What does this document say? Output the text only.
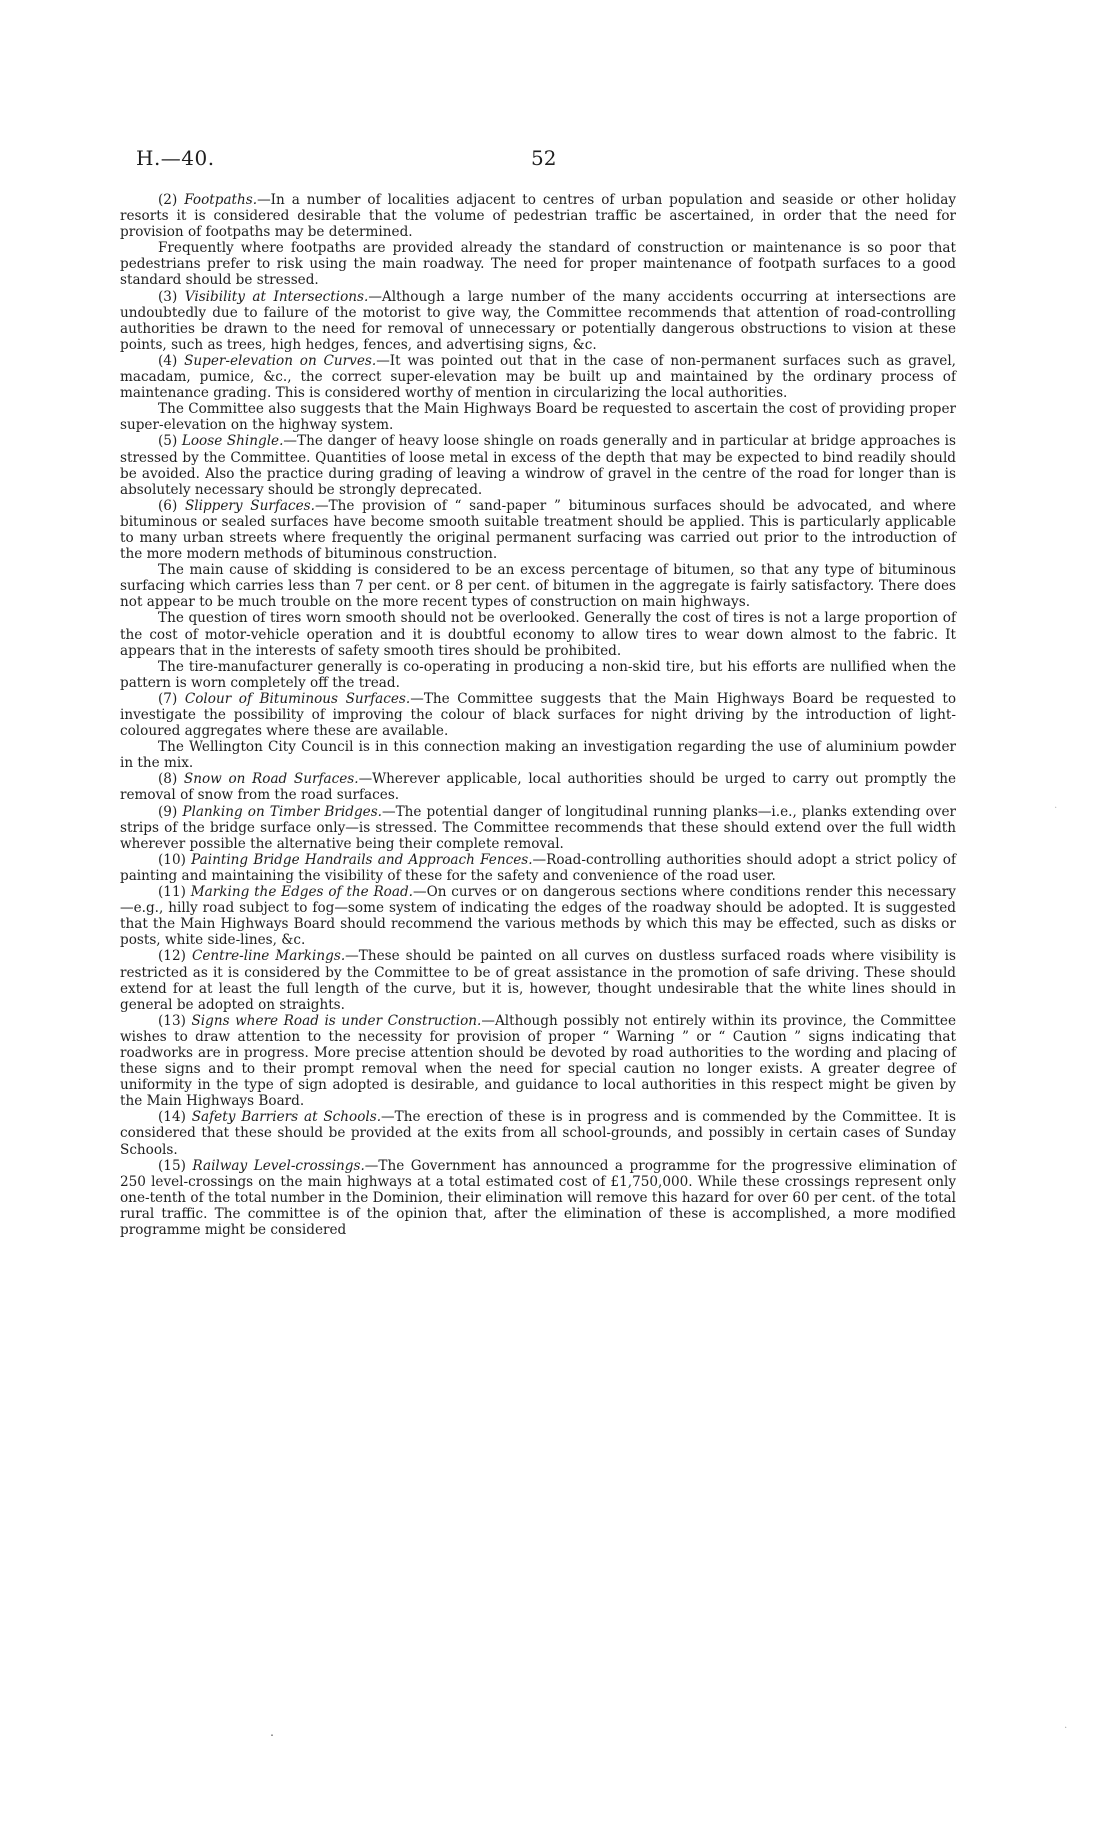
H.—40.	52

(2) Footpaths.—In a number of localities adjacent to centres of urban population and seaside or other holiday resorts it is considered desirable that the volume of pedestrian traffic be ascertained, in order that the need for provision of footpaths may be determined.

Frequently where footpaths are provided already the standard of construction or maintenance is so poor that pedestrians prefer to risk using the main roadway. The need for proper maintenance of footpath surfaces to a good standard should be stressed.

(3) Visibility at Intersections.—Although a large number of the many accidents occurring at intersections are undoubtedly due to failure of the motorist to give way, the Committee recommends that attention of road-controlling authorities be drawn to the need for removal of unnecessary or potentially dangerous obstructions to vision at these points, such as trees, high hedges, fences, and advertising signs, &c.

(4) Super-elevation on Curves.—It was pointed out that in the case of non-permanent surfaces such as gravel, macadam, pumice, &c., the correct super-elevation may be built up and maintained by the ordinary process of maintenance grading. This is considered worthy of mention in circularizing the local authorities.

The Committee also suggests that the Main Highways Board be requested to ascertain the cost of providing proper super-elevation on the highway system.

(5) Loose Shingle.—The danger of heavy loose shingle on roads generally and in particular at bridge approaches is stressed by the Committee. Quantities of loose metal in excess of the depth that may be expected to bind readily should be avoided. Also the practice during grading of leaving a windrow of gravel in the centre of the road for longer than is absolutely necessary should be strongly deprecated.

(6) Slippery Surfaces.—The provision of “ sand-paper ” bituminous surfaces should be advocated, and where bituminous or sealed surfaces have become smooth suitable treatment should be applied. This is particularly applicable to many urban streets where frequently the original permanent surfacing was carried out prior to the introduction of the more modern methods of bituminous construction.

The main cause of skidding is considered to be an excess percentage of bitumen, so that any type of bituminous surfacing which carries less than 7 per cent. or 8 per cent. of bitumen in the aggregate is fairly satisfactory. There does not appear to be much trouble on the more recent types of construction on main highways.

The question of tires worn smooth should not be overlooked. Generally the cost of tires is not a large proportion of the cost of motor-vehicle operation and it is doubtful economy to allow tires to wear down almost to the fabric. It appears that in the interests of safety smooth tires should be prohibited.

The tire-manufacturer generally is co-operating in producing a non-skid tire, but his efforts are nullified when the pattern is worn completely off the tread.

(7) Colour of Bituminous Surfaces.—The Committee suggests that the Main Highways Board be requested to investigate the possibility of improving the colour of black surfaces for night driving by the introduction of light-coloured aggregates where these are available.

The Wellington City Council is in this connection making an investigation regarding the use of aluminium powder in the mix.

(8) Snow on Road Surfaces.—Wherever applicable, local authorities should be urged to carry out promptly the removal of snow from the road surfaces.

(9) Planking on Timber Bridges.—The potential danger of longitudinal running planks—i.e., planks extending over strips of the bridge surface only—is stressed. The Committee recommends that these should extend over the full width wherever possible the alternative being their complete removal.

(10) Painting Bridge Handrails and Approach Fences.—Road-controlling authorities should adopt a strict policy of painting and maintaining the visibility of these for the safety and convenience of the road user.

(11) Marking the Edges of the Road.—On curves or on dangerous sections where conditions render this necessary—e.g., hilly road subject to fog—some system of indicating the edges of the roadway should be adopted. It is suggested that the Main Highways Board should recommend the various methods by which this may be effected, such as disks or posts, white side-lines, &c.

(12) Centre-line Markings.—These should be painted on all curves on dustless surfaced roads where visibility is restricted as it is considered by the Committee to be of great assistance in the promotion of safe driving. These should extend for at least the full length of the curve, but it is, however, thought undesirable that the white lines should in general be adopted on straights.

(13) Signs where Road is under Construction.—Although possibly not entirely within its province, the Committee wishes to draw attention to the necessity for provision of proper “ Warning ” or “ Caution ” signs indicating that roadworks are in progress. More precise attention should be devoted by road authorities to the wording and placing of these signs and to their prompt removal when the need for special caution no longer exists. A greater degree of uniformity in the type of sign adopted is desirable, and guidance to local authorities in this respect might be given by the Main Highways Board.

(14) Safety Barriers at Schools.—The erection of these is in progress and is commended by the Committee. It is considered that these should be provided at the exits from all school-grounds, and possibly in certain cases of Sunday Schools.

(15) Railway Level-crossings.—The Government has announced a programme for the progressive elimination of 250 level-crossings on the main highways at a total estimated cost of £1,750,000. While these crossings represent only one-tenth of the total number in the Dominion, their elimination will remove this hazard for over 60 per cent. of the total rural traffic. The committee is of the opinion that, after the elimination of these is accomplished, a more modified programme might be considered

․	․
․
